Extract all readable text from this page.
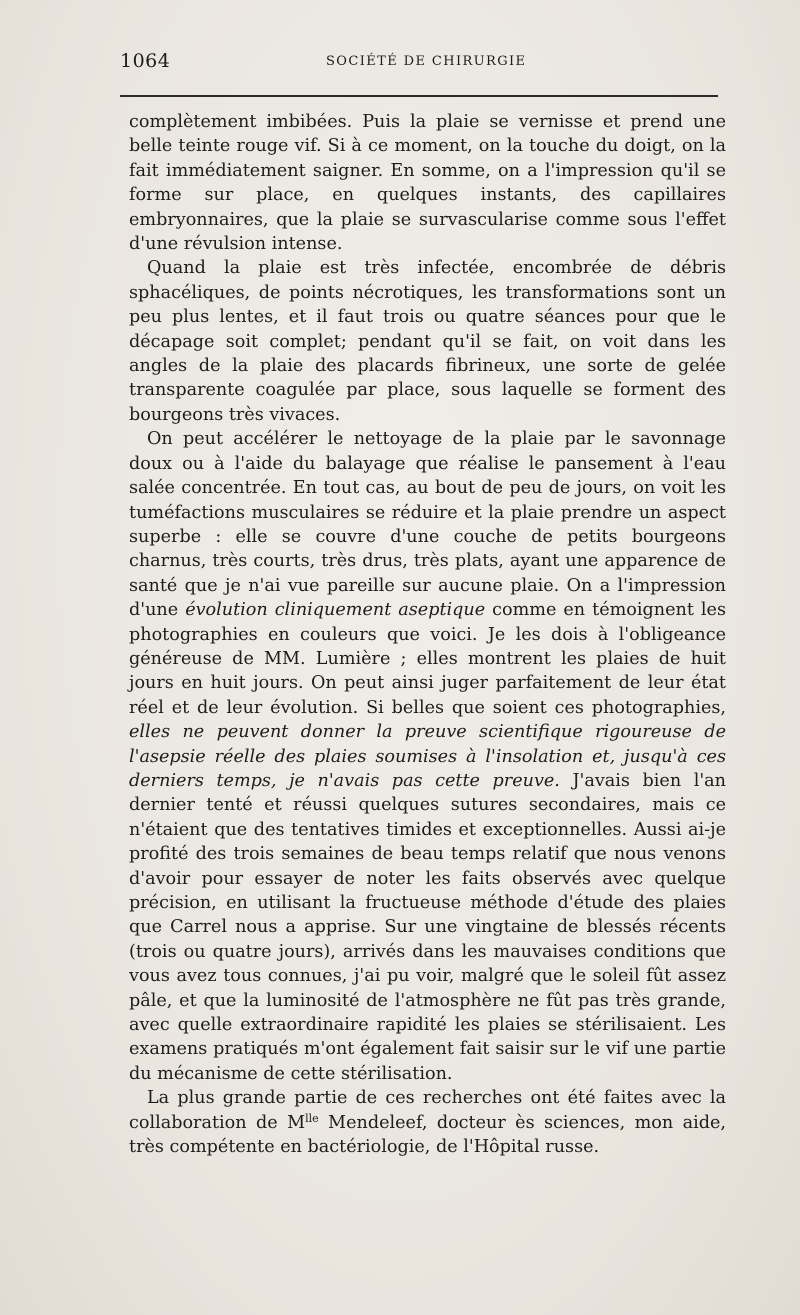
1064	SOCIÉTÉ DE CHIRURGIE

complètement imbibées. Puis la plaie se vernisse et prend une belle teinte rouge vif. Si à ce moment, on la touche du doigt, on la fait immédiatement saigner. En somme, on a l'impression qu'il se forme sur place, en quelques instants, des capillaires embryonnaires, que la plaie se survascularise comme sous l'effet d'une révulsion intense.

Quand la plaie est très infectée, encombrée de débris sphacéliques, de points nécrotiques, les transformations sont un peu plus lentes, et il faut trois ou quatre séances pour que le décapage soit complet; pendant qu'il se fait, on voit dans les angles de la plaie des placards fibrineux, une sorte de gelée transparente coagulée par place, sous laquelle se forment des bourgeons très vivaces.

On peut accélérer le nettoyage de la plaie par le savonnage doux ou à l'aide du balayage que réalise le pansement à l'eau salée concentrée. En tout cas, au bout de peu de jours, on voit les tuméfactions musculaires se réduire et la plaie prendre un aspect superbe : elle se couvre d'une couche de petits bourgeons charnus, très courts, très drus, très plats, ayant une apparence de santé que je n'ai vue pareille sur aucune plaie. On a l'impression d'une évolution cliniquement aseptique comme en témoignent les photographies en couleurs que voici. Je les dois à l'obligeance généreuse de MM. Lumière ; elles montrent les plaies de huit jours en huit jours. On peut ainsi juger parfaitement de leur état réel et de leur évolution. Si belles que soient ces photographies, elles ne peuvent donner la preuve scientifique rigoureuse de l'asepsie réelle des plaies soumises à l'insolation et, jusqu'à ces derniers temps, je n'avais pas cette preuve. J'avais bien l'an dernier tenté et réussi quelques sutures secondaires, mais ce n'étaient que des tentatives timides et exceptionnelles. Aussi ai-je profité des trois semaines de beau temps relatif que nous venons d'avoir pour essayer de noter les faits observés avec quelque précision, en utilisant la fructueuse méthode d'étude des plaies que Carrel nous a apprise. Sur une vingtaine de blessés récents (trois ou quatre jours), arrivés dans les mauvaises conditions que vous avez tous connues, j'ai pu voir, malgré que le soleil fût assez pâle, et que la luminosité de l'atmosphère ne fût pas très grande, avec quelle extraordinaire rapidité les plaies se stérilisaient. Les examens pratiqués m'ont également fait saisir sur le vif une partie du mécanisme de cette stérilisation.

La plus grande partie de ces recherches ont été faites avec la collaboration de $M^{lle}$ Mendeleef, docteur ès sciences, mon aide, très compétente en bactériologie, de l'Hôpital russe.
